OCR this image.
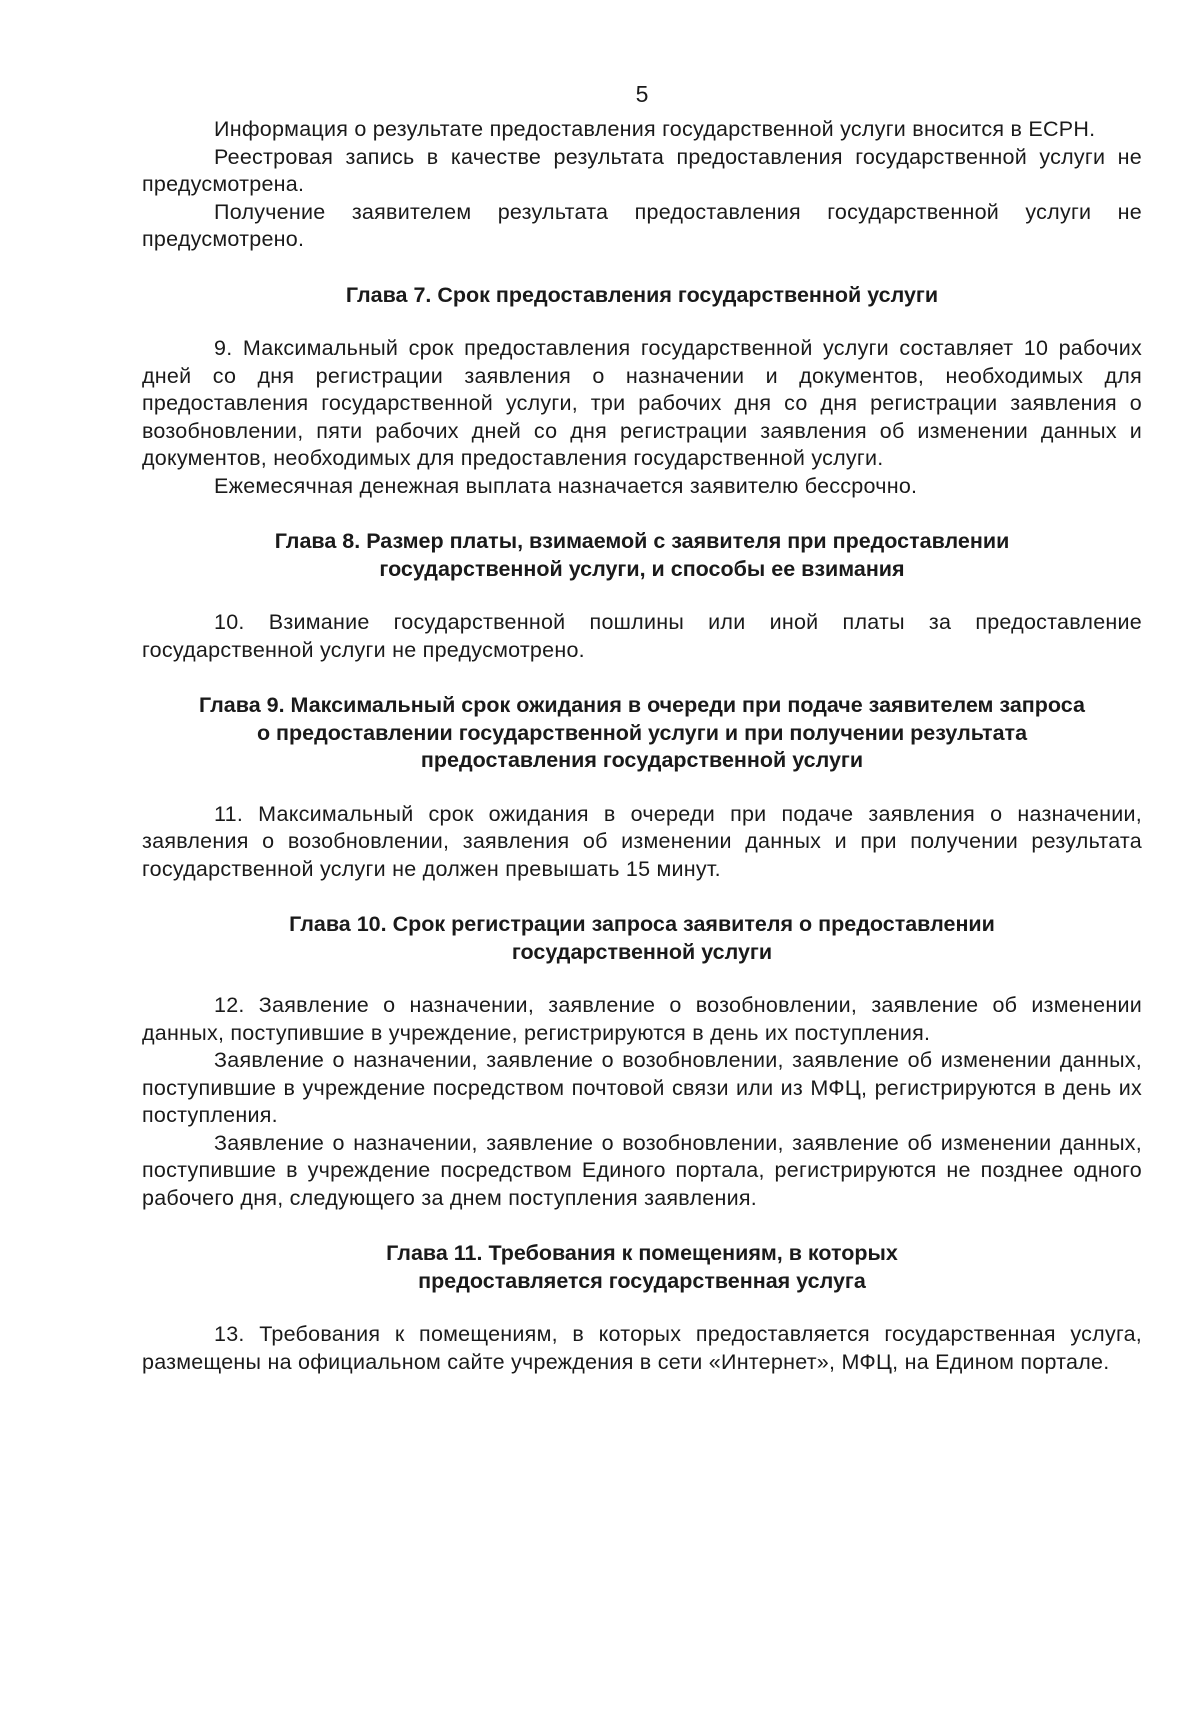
5

Информация о результате предоставления государственной услуги вносится в ЕСРН.

Реестровая запись в качестве результата предоставления государственной услуги не предусмотрена.

Получение заявителем результата предоставления государственной услуги не предусмотрено.

Глава 7. Срок предоставления государственной услуги

9. Максимальный срок предоставления государственной услуги составляет 10 рабочих дней со дня регистрации заявления о назначении и документов, необходимых для предоставления государственной услуги, три рабочих дня со дня регистрации заявления о возобновлении, пяти рабочих дней со дня регистрации заявления об изменении данных и документов, необходимых для предоставления государственной услуги.

Ежемесячная денежная выплата назначается заявителю бессрочно.

Глава 8. Размер платы, взимаемой с заявителя при предоставлении
государственной услуги, и способы ее взимания

10. Взимание государственной пошлины или иной платы за предоставление государственной услуги не предусмотрено.

Глава 9. Максимальный срок ожидания в очереди при подаче заявителем запроса
о предоставлении государственной услуги и при получении результата
предоставления государственной услуги

11. Максимальный срок ожидания в очереди при подаче заявления о назначении, заявления о возобновлении, заявления об изменении данных и при получении результата государственной услуги не должен превышать 15 минут.

Глава 10. Срок регистрации запроса заявителя о предоставлении
государственной услуги

12. Заявление о назначении, заявление о возобновлении, заявление об изменении данных, поступившие в учреждение, регистрируются в день их поступления.

Заявление о назначении, заявление о возобновлении, заявление об изменении данных, поступившие в учреждение посредством почтовой связи или из МФЦ, регистрируются в день их поступления.

Заявление о назначении, заявление о возобновлении, заявление об изменении данных, поступившие в учреждение посредством Единого портала, регистрируются не позднее одного рабочего дня, следующего за днем поступления заявления.

Глава 11. Требования к помещениям, в которых
предоставляется государственная услуга

13. Требования к помещениям, в которых предоставляется государственная услуга, размещены на официальном сайте учреждения в сети «Интернет», МФЦ, на Едином портале.
